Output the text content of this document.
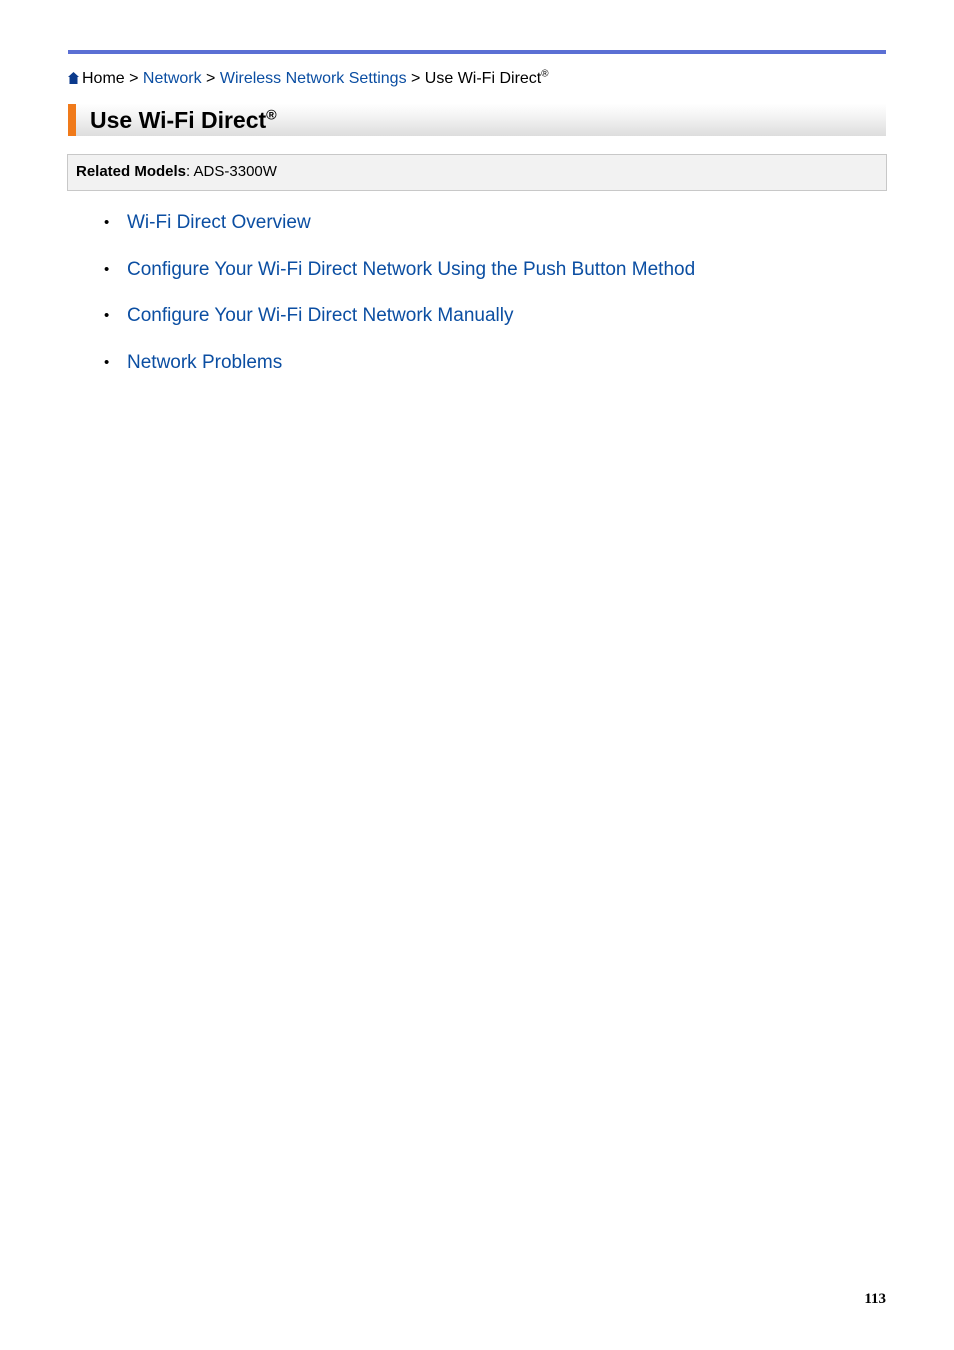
Home > Network > Wireless Network Settings > Use Wi-Fi Direct®
Use Wi-Fi Direct®
Related Models: ADS-3300W
• Wi-Fi Direct Overview
• Configure Your Wi-Fi Direct Network Using the Push Button Method
• Configure Your Wi-Fi Direct Network Manually
• Network Problems
113
